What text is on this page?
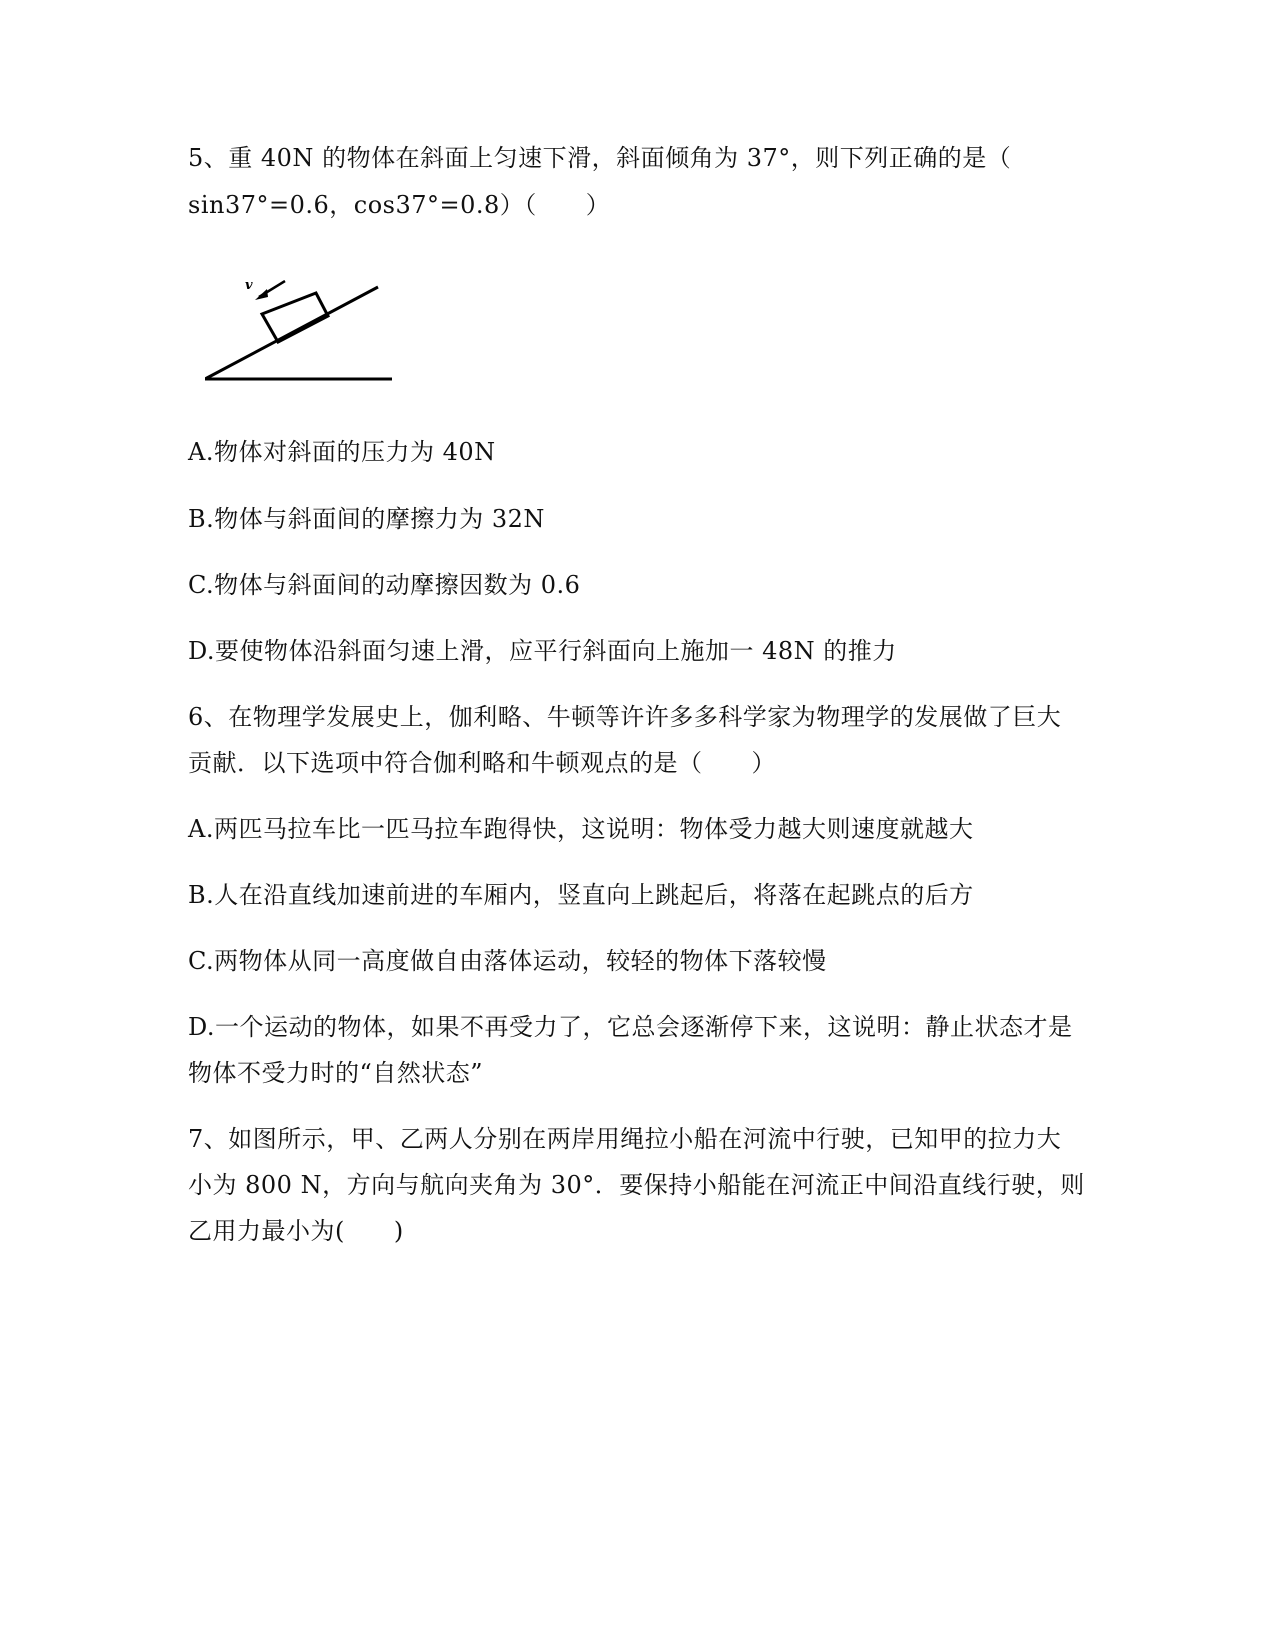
5、重 40N 的物体在斜面上匀速下滑，斜面倾角为 37°，则下列正确的是（
sin37°=0.6，cos37°=0.8）（　　）
v
A.物体对斜面的压力为 40N
B.物体与斜面间的摩擦力为 32N
C.物体与斜面间的动摩擦因数为 0.6
D.要使物体沿斜面匀速上滑，应平行斜面向上施加一 48N 的推力
6、在物理学发展史上，伽利略、牛顿等许许多多科学家为物理学的发展做了巨大
贡献．以下选项中符合伽利略和牛顿观点的是（　　）
A.两匹马拉车比一匹马拉车跑得快，这说明：物体受力越大则速度就越大
B.人在沿直线加速前进的车厢内，竖直向上跳起后，将落在起跳点的后方
C.两物体从同一高度做自由落体运动，较轻的物体下落较慢
D.一个运动的物体，如果不再受力了，它总会逐渐停下来，这说明：静止状态才是
物体不受力时的“自然状态”
7、如图所示，甲、乙两人分别在两岸用绳拉小船在河流中行驶，已知甲的拉力大
小为 800 N，方向与航向夹角为 30°．要保持小船能在河流正中间沿直线行驶，则
乙用力最小为(　　)
